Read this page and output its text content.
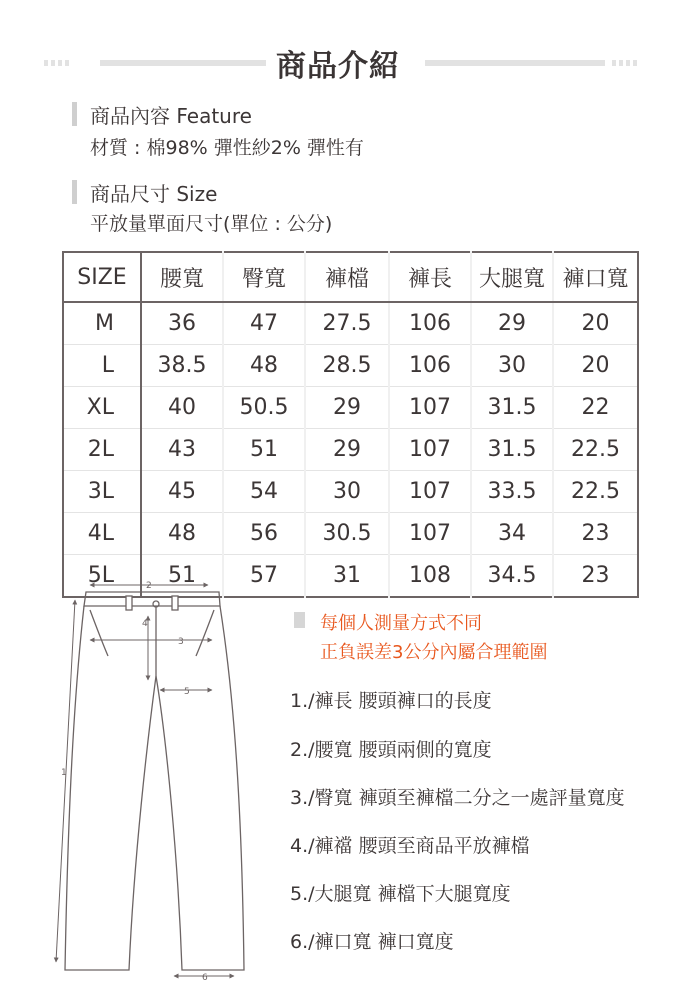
商品介紹
商品內容 Feature
材質 : 棉98% 彈性紗2% 彈性有
商品尺寸 Size
平放量單面尺寸(單位 : 公分)
SIZE	腰寬	臀寬	褲檔	褲長	大腿寬	褲口寬
M	36	47	27.5	106	29	20
L	38.5	48	28.5	106	30	20
XL	40	50.5	29	107	31.5	22
2L	43	51	29	107	31.5	22.5
3L	45	54	30	107	33.5	22.5
4L	48	56	30.5	107	34	23
5L	51	57	31	108	34.5	23
2
4
3
5
1
6
每個人測量方式不同
正負誤差3公分內屬合理範圍
1./褲長 腰頭褲口的長度
2./腰寬 腰頭兩側的寬度
3./臀寬 褲頭至褲檔二分之一處評量寬度
4./褲襠 腰頭至商品平放褲檔
5./大腿寬 褲檔下大腿寬度
6./褲口寬 褲口寬度
